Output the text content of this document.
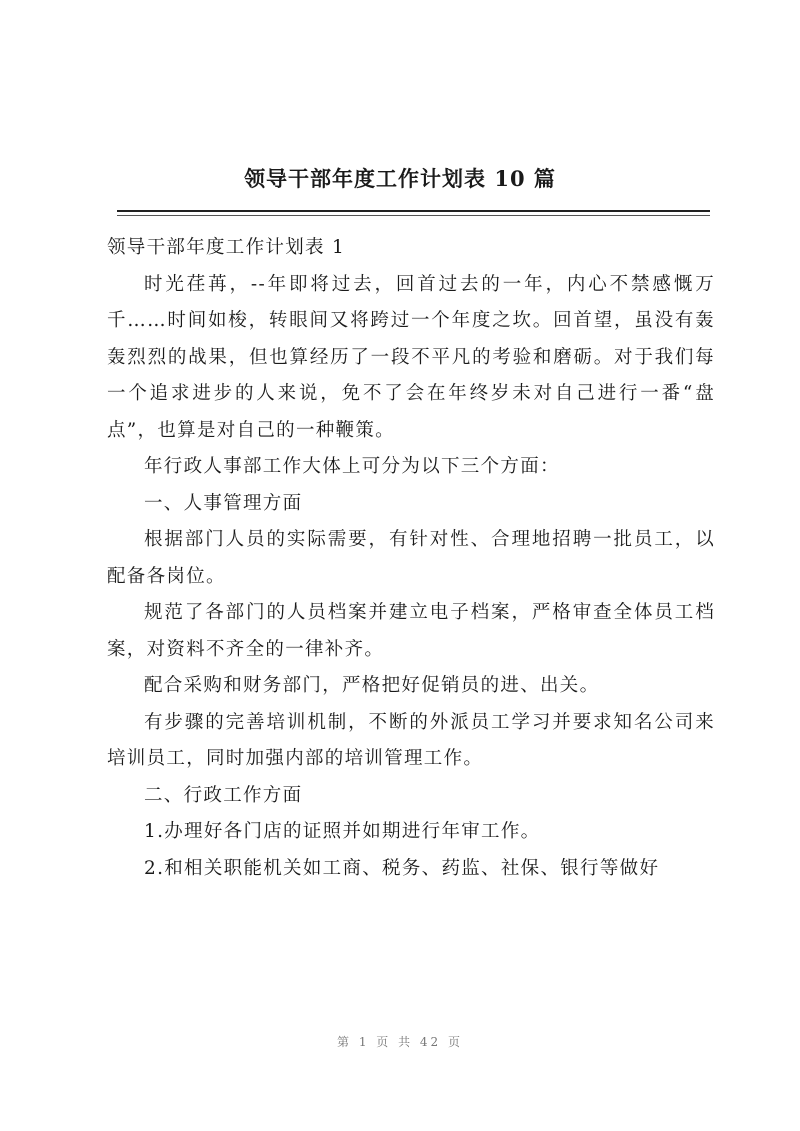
领导干部年度工作计划表 10 篇

领导干部年度工作计划表 1

时光荏苒，--年即将过去，回首过去的一年，内心不禁感慨万千……时间如梭，转眼间又将跨过一个年度之坎。回首望，虽没有轰轰烈烈的战果，但也算经历了一段不平凡的考验和磨砺。对于我们每一个追求进步的人来说，免不了会在年终岁未对自己进行一番“盘点”，也算是对自己的一种鞭策。

年行政人事部工作大体上可分为以下三个方面：

一、人事管理方面

根据部门人员的实际需要，有针对性、合理地招聘一批员工，以配备各岗位。

规范了各部门的人员档案并建立电子档案，严格审查全体员工档案，对资料不齐全的一律补齐。

配合采购和财务部门，严格把好促销员的进、出关。

有步骤的完善培训机制，不断的外派员工学习并要求知名公司来培训员工，同时加强内部的培训管理工作。

二、行政工作方面

1.办理好各门店的证照并如期进行年审工作。

2.和相关职能机关如工商、税务、药监、社保、银行等做好

第 1 页 共 42 页
